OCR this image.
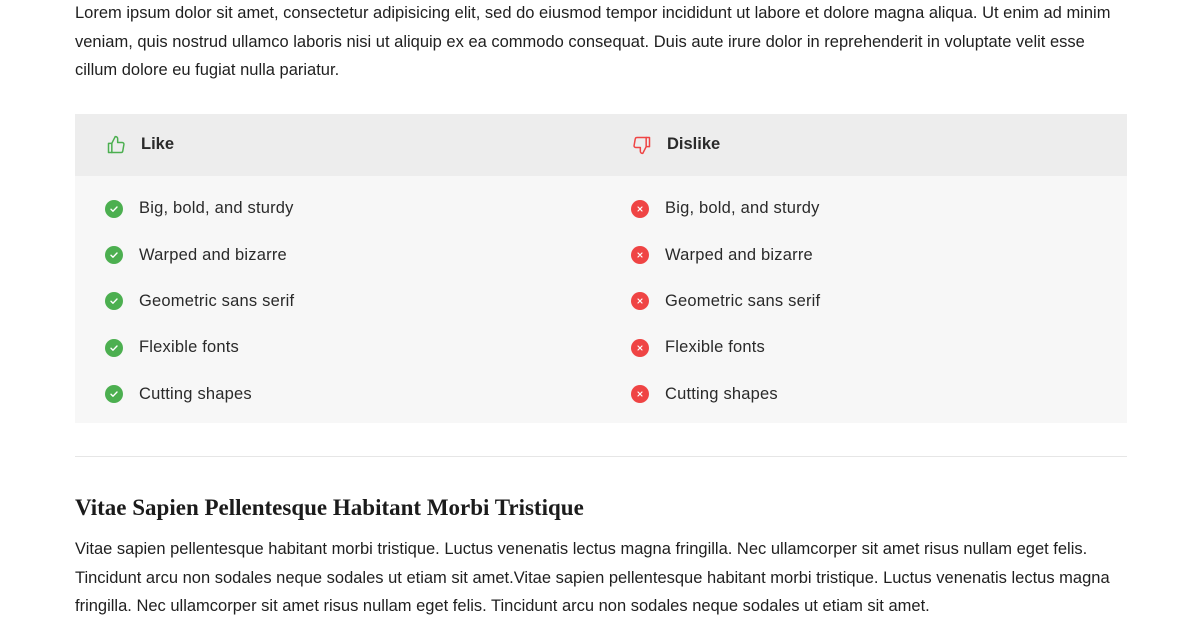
Lorem ipsum dolor sit amet, consectetur adipisicing elit, sed do eiusmod tempor incididunt ut labore et dolore magna aliqua. Ut enim ad minim veniam, quis nostrud ullamco laboris nisi ut aliquip ex ea commodo consequat. Duis aute irure dolor in reprehenderit in voluptate velit esse cillum dolore eu fugiat nulla pariatur.

Like	Dislike
Big, bold, and sturdy
Warped and bizarre
Geometric sans serif
Flexible fonts
Cutting shapes
Big, bold, and sturdy
Warped and bizarre
Geometric sans serif
Flexible fonts
Cutting shapes
Vitae Sapien Pellentesque Habitant Morbi Tristique

Vitae sapien pellentesque habitant morbi tristique. Luctus venenatis lectus magna fringilla. Nec ullamcorper sit amet risus nullam eget felis. Tincidunt arcu non sodales neque sodales ut etiam sit amet.Vitae sapien pellentesque habitant morbi tristique. Luctus venenatis lectus magna fringilla. Nec ullamcorper sit amet risus nullam eget felis. Tincidunt arcu non sodales neque sodales ut etiam sit amet.
